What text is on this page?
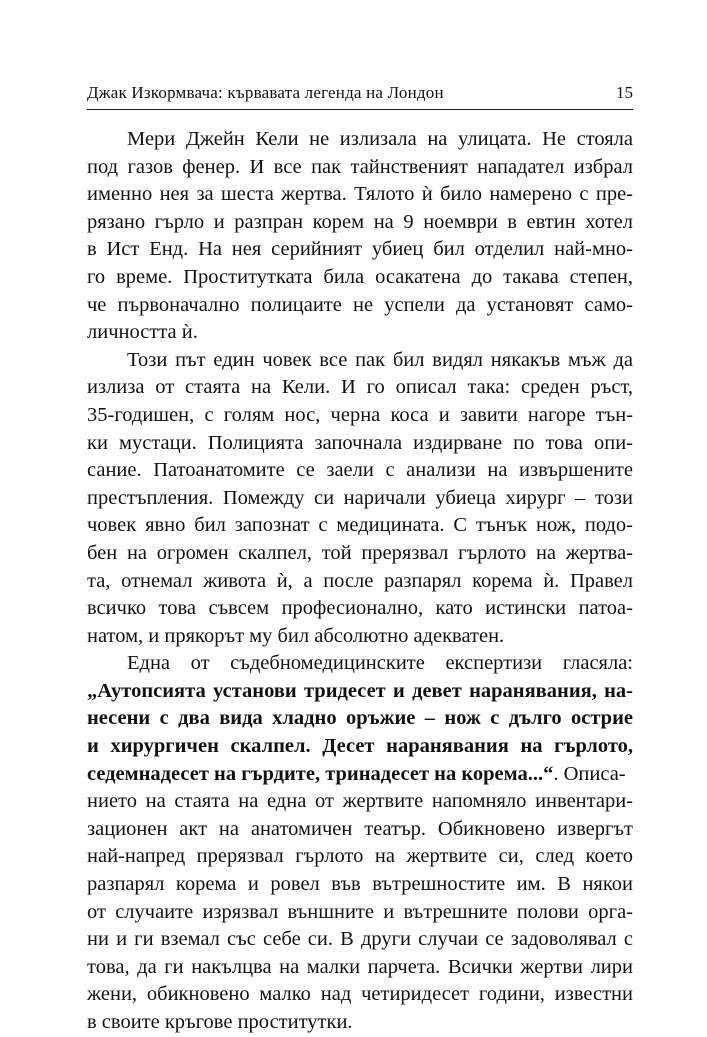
Джак Изкормвача: кървавата легенда на Лондон	15
Мери Джейн Кели не излизала на улицата. Не стояла
под газов фенер. И все пак тайнственият нападател избрал
именно нея за шеста жертва. Тялото ѝ било намерено с пре-
рязано гърло и разпран корем на 9 ноември в евтин хотел
в Ист Енд. На нея серийният убиец бил отделил най-мно-
го време. Проститутката била осакатена до такава степен,
че първоначално полицаите не успели да установят само-
личността ѝ.
Този път един човек все пак бил видял някакъв мъж да
излиза от стаята на Кели. И го описал така: среден ръст,
35-годишен, с голям нос, черна коса и завити нагоре тън-
ки мустаци. Полицията започнала издирване по това опи-
сание. Патоанатомите се заели с анализи на извършените
престъпления. Помежду си наричали убиеца хирург – този
човек явно бил запознат с медицината. С тънък нож, подо-
бен на огромен скалпел, той прерязвал гърлото на жертва-
та, отнемал живота ѝ, а после разпарял корема ѝ. Правел
всичко това съвсем професионално, като истински патоа-
натом, и прякорът му бил абсолютно адекватен.
Една от съдебномедицинските експертизи гласяла:
„Аутопсията установи тридесет и девет наранявания, на-
несени с два вида хладно оръжие – нож с дълго острие
и хирургичен скалпел. Десет наранявания на гърлото,
седемнадесет на гърдите, тринадесет на корема...“. Описа-
нието на стаята на една от жертвите напомняло инвентари-
зационен акт на анатомичен театър. Обикновено извергът
най-напред прерязвал гърлото на жертвите си, след което
разпарял корема и ровел във вътрешностите им. В някои
от случаите изрязвал външните и вътрешните полови орга-
ни и ги вземал със себе си. В други случаи се задоволявал с
това, да ги накълцва на малки парчета. Всички жертви лири
жени, обикновено малко над четиридесет години, известни
в своите кръгове проститутки.
